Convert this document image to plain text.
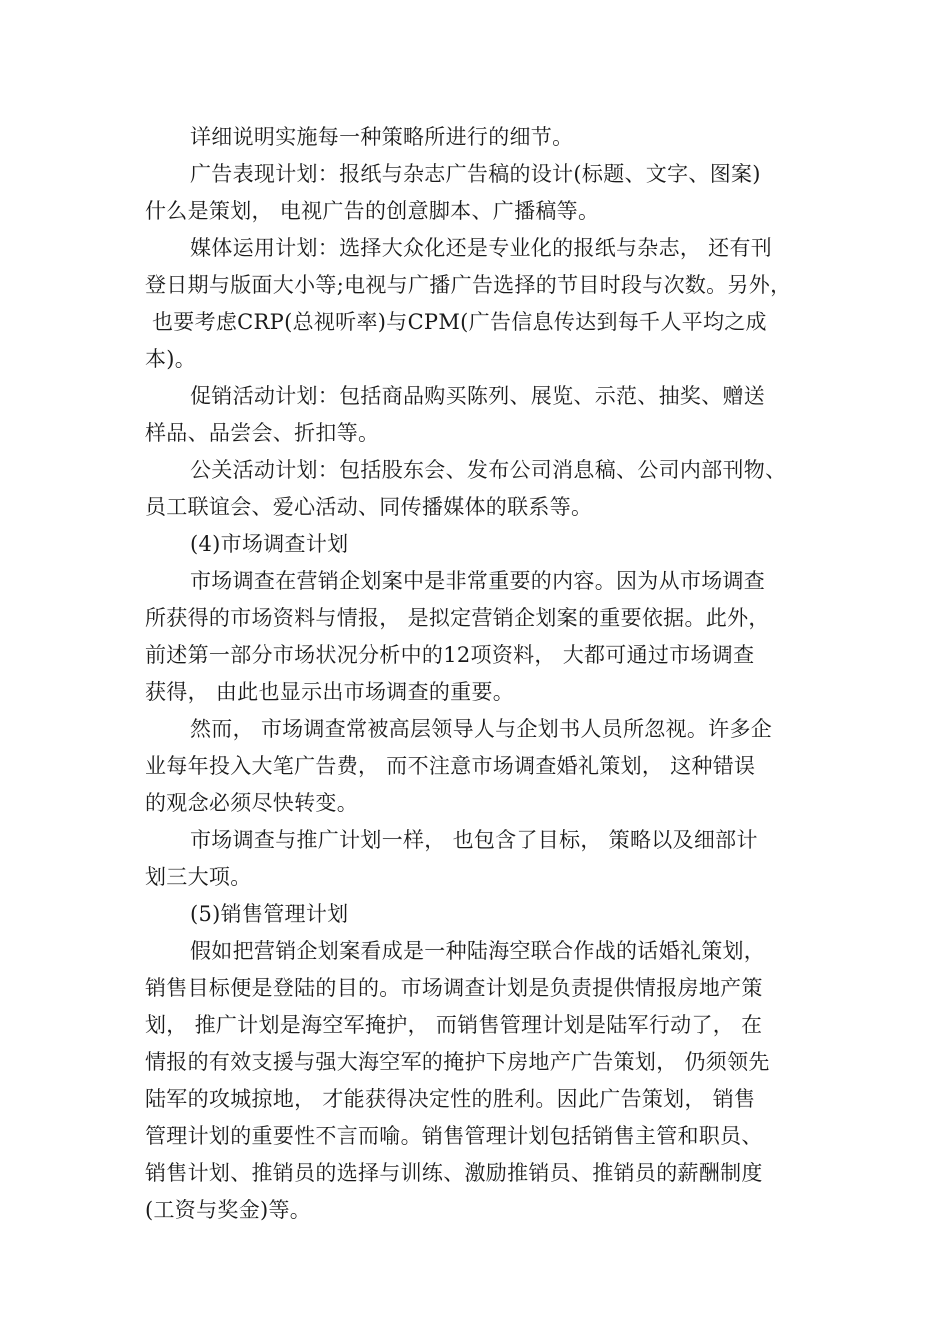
详细说明实施每一种策略所进行的细节。
广告表现计划：报纸与杂志广告稿的设计(标题、文字、图案)
什么是策划， 电视广告的创意脚本、广播稿等。
媒体运用计划：选择大众化还是专业化的报纸与杂志， 还有刊
登日期与版面大小等;电视与广播广告选择的节目时段与次数。另外，
也要考虑CRP(总视听率)与CPM(广告信息传达到每千人平均之成
本)。
促销活动计划：包括商品购买陈列、展览、示范、抽奖、赠送
样品、品尝会、折扣等。
公关活动计划：包括股东会、发布公司消息稿、公司内部刊物、
员工联谊会、爱心活动、同传播媒体的联系等。
(4)市场调查计划
市场调查在营销企划案中是非常重要的内容。因为从市场调查
所获得的市场资料与情报， 是拟定营销企划案的重要依据。此外，
前述第一部分市场状况分析中的12项资料， 大都可通过市场调查
获得， 由此也显示出市场调查的重要。
然而， 市场调查常被高层领导人与企划书人员所忽视。许多企
业每年投入大笔广告费， 而不注意市场调查婚礼策划， 这种错误
的观念必须尽快转变。
市场调查与推广计划一样， 也包含了目标， 策略以及细部计
划三大项。
(5)销售管理计划
假如把营销企划案看成是一种陆海空联合作战的话婚礼策划，
销售目标便是登陆的目的。市场调查计划是负责提供情报房地产策
划， 推广计划是海空军掩护， 而销售管理计划是陆军行动了， 在
情报的有效支援与强大海空军的掩护下房地产广告策划， 仍须领先
陆军的攻城掠地， 才能获得决定性的胜利。因此广告策划， 销售
管理计划的重要性不言而喻。销售管理计划包括销售主管和职员、
销售计划、推销员的选择与训练、激励推销员、推销员的薪酬制度
(工资与奖金)等。
